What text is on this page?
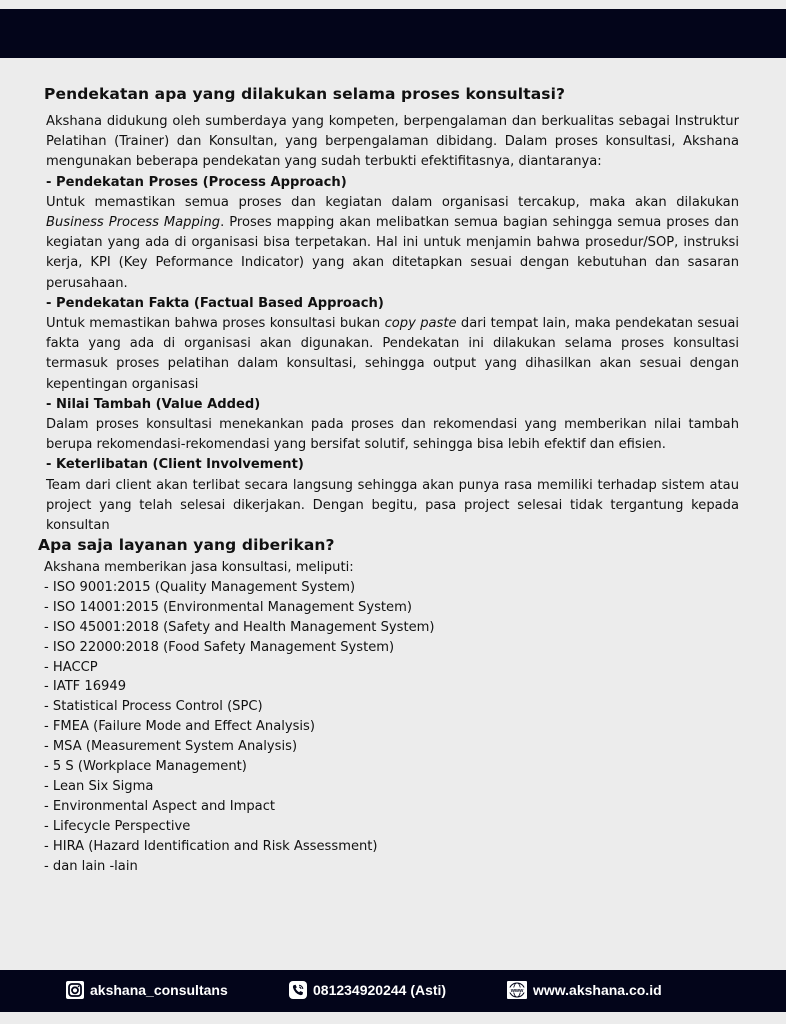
Pendekatan apa yang dilakukan selama proses konsultasi?

Akshana didukung oleh sumberdaya yang kompeten, berpengalaman dan berkualitas sebagai Instruktur Pelatihan (Trainer) dan Konsultan, yang berpengalaman dibidang. Dalam proses konsultasi, Akshana mengunakan beberapa pendekatan yang sudah terbukti efektifitasnya, diantaranya:

- Pendekatan Proses (Process Approach)

Untuk memastikan semua proses dan kegiatan dalam organisasi tercakup, maka akan dilakukan Business Process Mapping. Proses mapping akan melibatkan semua bagian sehingga semua proses dan kegiatan yang ada di organisasi bisa terpetakan. Hal ini untuk menjamin bahwa prosedur/SOP, instruksi kerja, KPI (Key Peformance Indicator) yang akan ditetapkan sesuai dengan kebutuhan dan sasaran perusahaan.

- Pendekatan Fakta (Factual Based Approach)

Untuk memastikan bahwa proses konsultasi bukan copy paste dari tempat lain, maka pendekatan sesuai fakta yang ada di organisasi akan digunakan. Pendekatan ini dilakukan selama proses konsultasi termasuk proses pelatihan dalam konsultasi, sehingga output yang dihasilkan akan sesuai dengan kepentingan organisasi

- Nilai Tambah (Value Added)

Dalam proses konsultasi menekankan pada proses dan rekomendasi yang memberikan nilai tambah berupa rekomendasi-rekomendasi yang bersifat solutif, sehingga bisa lebih efektif dan efisien.

- Keterlibatan (Client Involvement)

Team dari client akan terlibat secara langsung sehingga akan punya rasa memiliki terhadap sistem atau project yang telah selesai dikerjakan. Dengan begitu, pasa project selesai tidak tergantung kepada konsultan

Apa saja layanan yang diberikan?

Akshana memberikan jasa konsultasi, meliputi:

- ISO 9001:2015 (Quality Management System)
- ISO 14001:2015 (Environmental Management System)
- ISO 45001:2018 (Safety and Health Management System)
- ISO 22000:2018 (Food Safety Management System)
- HACCP
- IATF 16949
- Statistical Process Control (SPC)
- FMEA (Failure Mode and Effect Analysis)
- MSA (Measurement System Analysis)
- 5 S (Workplace Management)
- Lean Six Sigma
- Environmental Aspect and Impact
- Lifecycle Perspective
- HIRA (Hazard Identification and Risk Assessment)
- dan lain -lain
akshana_consultans	081234920244 (Asti)	www www.akshana.co.id
